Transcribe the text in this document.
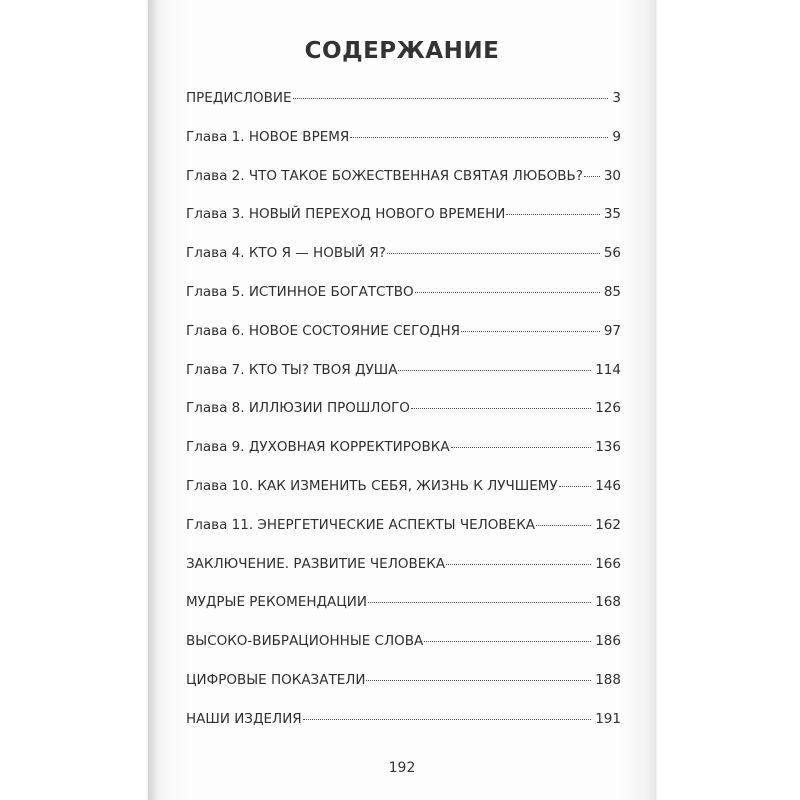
СОДЕРЖАНИЕ
ПРЕДИСЛОВИЕ	3
Глава 1. НОВОЕ ВРЕМЯ	9
Глава 2. ЧТО ТАКОЕ БОЖЕСТВЕННАЯ СВЯТАЯ ЛЮБОВЬ? 30
Глава 3. НОВЫЙ ПЕРЕХОД НОВОГО ВРЕМЕНИ	35
Глава 4. КТО Я — НОВЫЙ Я?	56
Глава 5. ИСТИННОЕ БОГАТСТВО	85
Глава 6. НОВОЕ СОСТОЯНИЕ СЕГОДНЯ	97
Глава 7. КТО ТЫ? ТВОЯ ДУША	114
Глава 8. ИЛЛЮЗИИ ПРОШЛОГО	126
Глава 9. ДУХОВНАЯ КОРРЕКТИРОВКА	136
Глава 10. КАК ИЗМЕНИТЬ СЕБЯ, ЖИЗНЬ К ЛУЧШЕМУ	146
Глава 11. ЭНЕРГЕТИЧЕСКИЕ АСПЕКТЫ ЧЕЛОВЕКА	162
ЗАКЛЮЧЕНИЕ. РАЗВИТИЕ ЧЕЛОВЕКА	166
МУДРЫЕ РЕКОМЕНДАЦИИ	168
ВЫСОКО-ВИБРАЦИОННЫЕ СЛОВА	186
ЦИФРОВЫЕ ПОКАЗАТЕЛИ	188
НАШИ ИЗДЕЛИЯ	191
192
